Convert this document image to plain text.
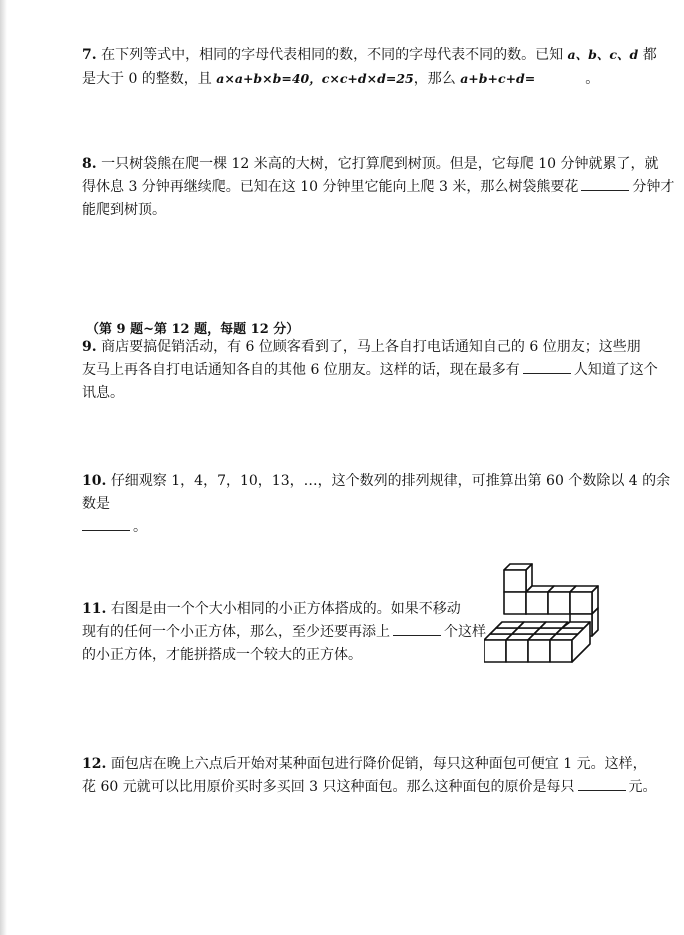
7. 在下列等式中，相同的字母代表相同的数，不同的字母代表不同的数。已知 a、b、c、d 都
是大于 0 的整数，且 a×a+b×b=40，c×c+d×d=25，那么 a+b+c+d=	。
8. 一只树袋熊在爬一棵 12 米高的大树，它打算爬到树顶。但是，它每爬 10 分钟就累了，就
得休息 3 分钟再继续爬。已知在这 10 分钟里它能向上爬 3 米，那么树袋熊要花	分钟才
能爬到树顶。
（第 9 题~第 12 题，每题 12 分）
9. 商店要搞促销活动，有 6 位顾客看到了，马上各自打电话通知自己的 6 位朋友；这些朋
友马上再各自打电话通知各自的其他 6 位朋友。这样的话，现在最多有	人知道了这个
讯息。
10. 仔细观察 1，4，7，10，13，…，这个数列的排列规律，可推算出第 60 个数除以 4 的余数是
。
11. 右图是由一个个大小相同的小正方体搭成的。如果不移动
现有的任何一个小正方体，那么，至少还要再添上	个这样
的小正方体，才能拼搭成一个较大的正方体。
12. 面包店在晚上六点后开始对某种面包进行降价促销，每只这种面包可便宜 1 元。这样，
花 60 元就可以比用原价买时多买回 3 只这种面包。那么这种面包的原价是每只	元。
